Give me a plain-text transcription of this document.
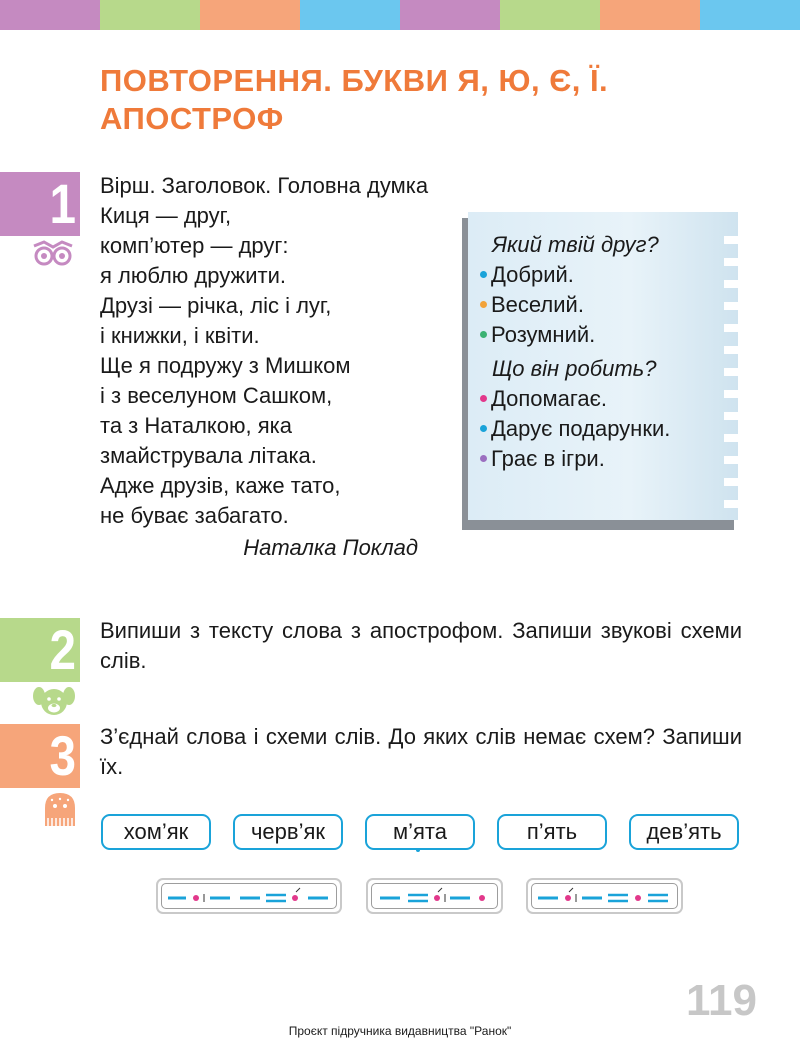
ПОВТОРЕННЯ. БУКВИ Я, Ю, Є, Ї.
АПОСТРОФ
1 Вірш. Заголовок. Головна думка
Киця — друг,
комп’ютер — друг:
я люблю дружити.
Друзі — річка, ліс і луг,
і книжки, і квіти.
Ще я подружу з Мишком
і з веселуном Сашком,
та з Наталкою, яка
змайструвала літака.
Адже друзів, каже тато,
не буває забагато.
Наталка Поклад
Який твій друг?
Добрий.
Веселий.
Розумний.
Що він робить?
Допомагає.
Дарує подарунки.
Грає в ігри.
2 Випиши з тексту слова з апострофом. Запиши звукові схеми слів.

3 З’єднай слова і схеми слів. До яких слів немає схем? Запиши їх.

хом’як	черв’як	м’ята	п’ять	дев’ять
119
Проєкт підручника видавництва "Ранок"
